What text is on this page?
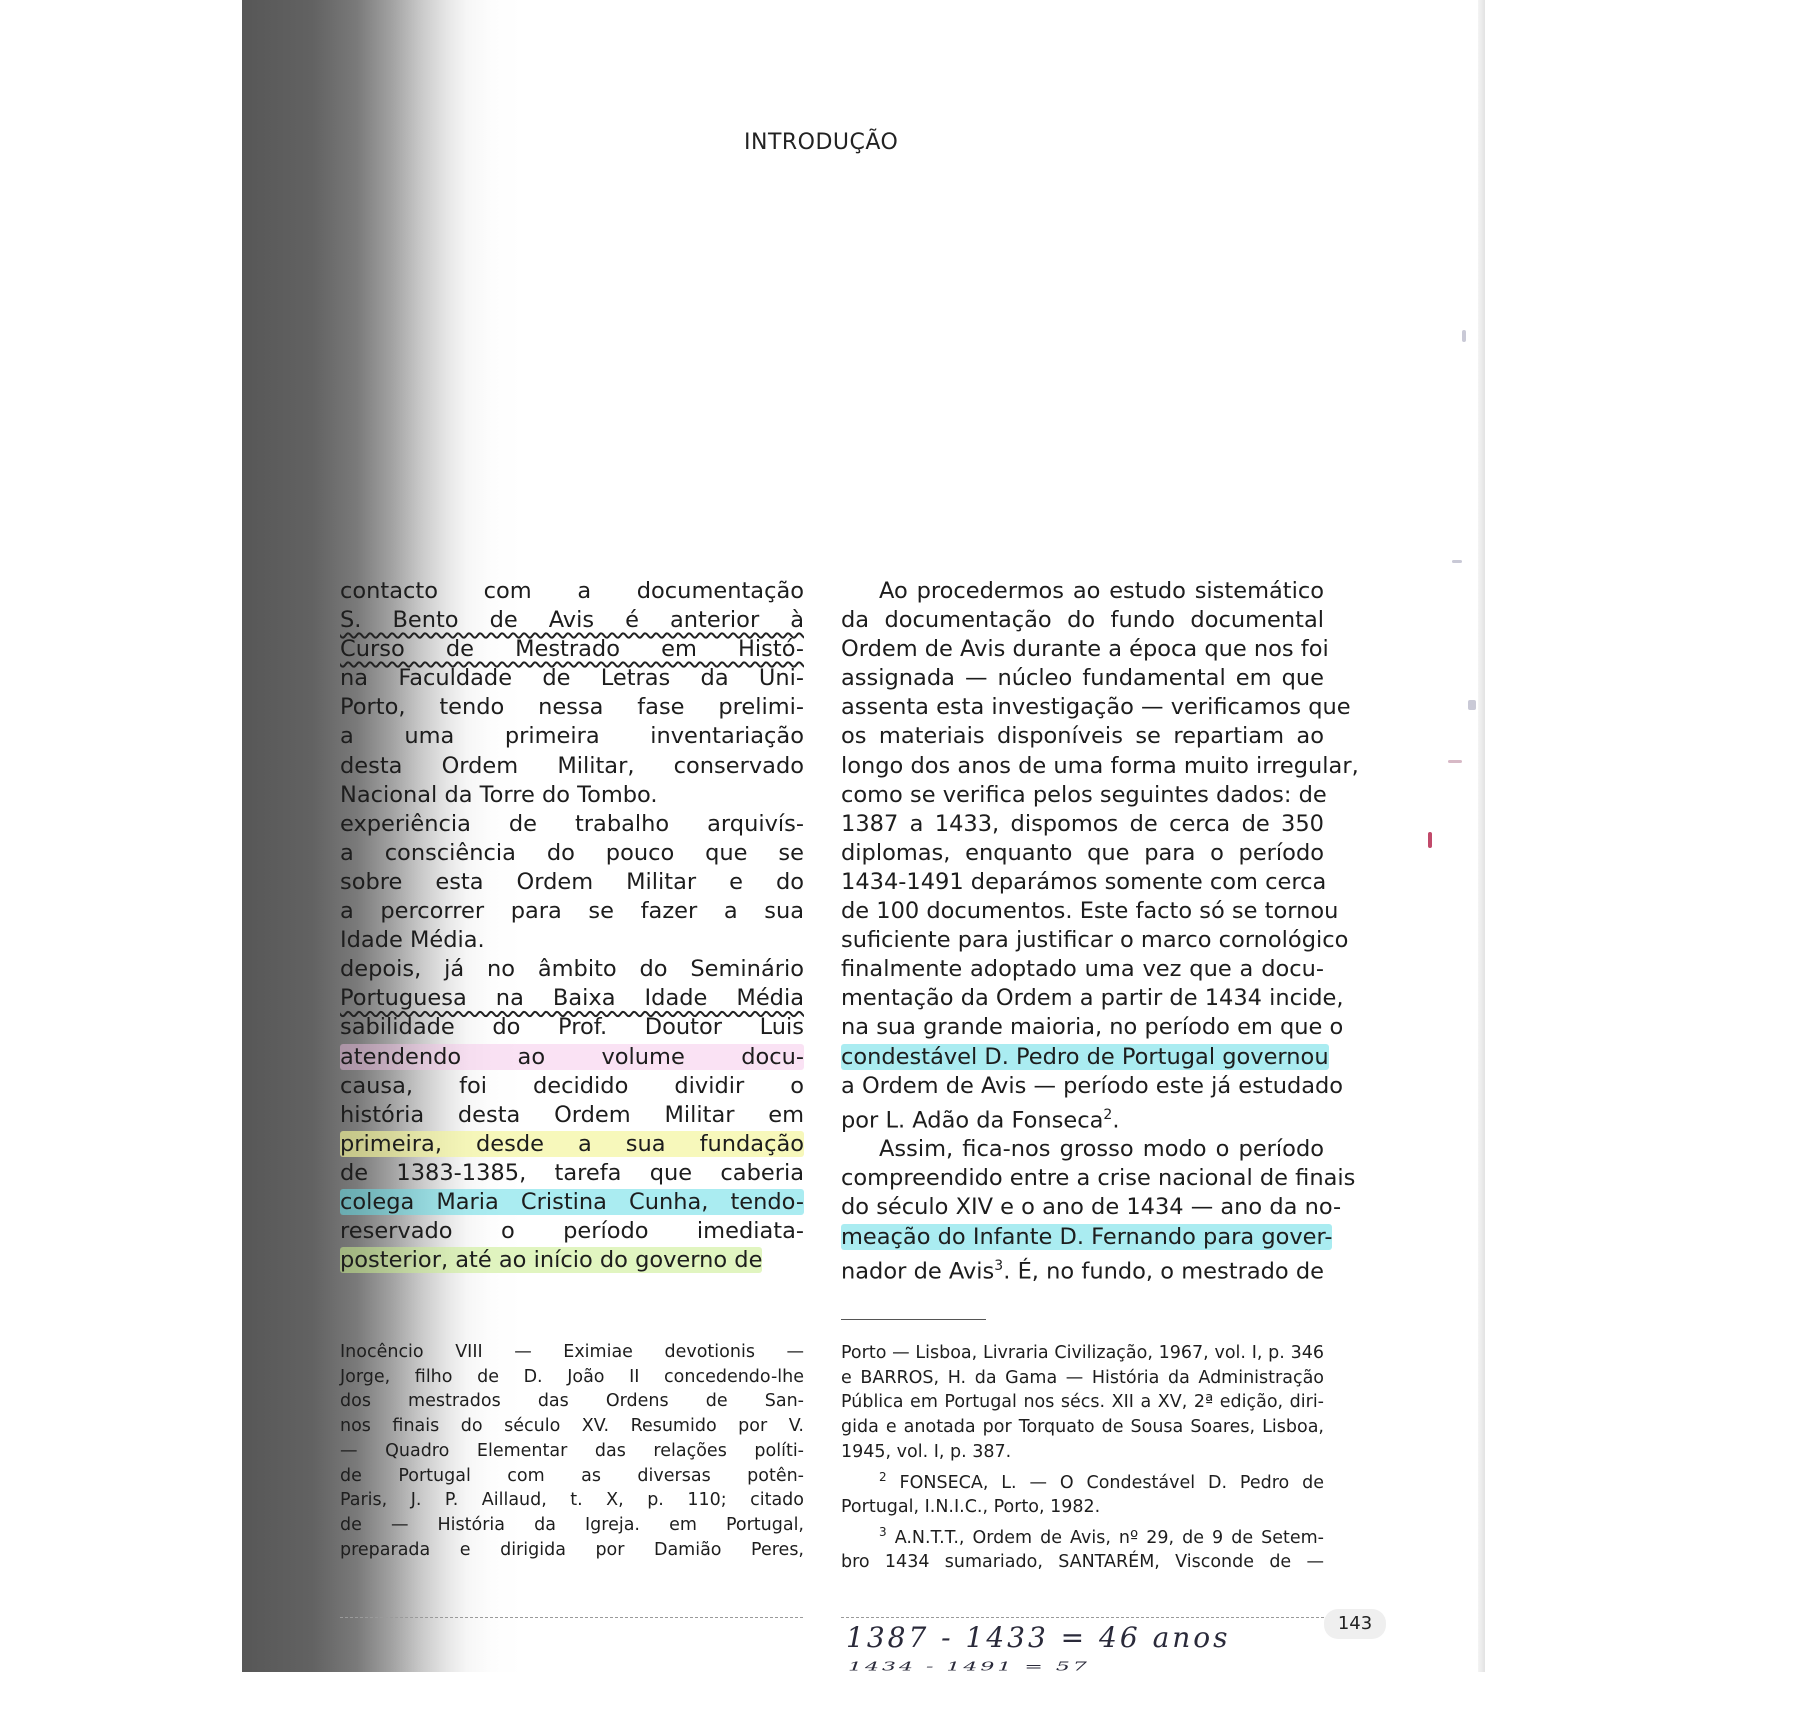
INTRODUÇÃO
contacto com a documentação
S. Bento de Avis é anterior à
Curso de Mestrado em Histó-
na Faculdade de Letras da Uni-
Porto, tendo nessa fase prelimi-
a uma primeira inventariação
desta Ordem Militar, conservado
Nacional da Torre do Tombo.
experiência de trabalho arquivís-
a consciência do pouco que se
sobre esta Ordem Militar e do
a percorrer para se fazer a sua
Idade Média.
depois, já no âmbito do Seminário
Portuguesa na Baixa Idade Média
sabilidade do Prof. Doutor Luis
atendendo ao volume docu-
causa, foi decidido dividir o
história desta Ordem Militar em
primeira, desde a sua fundação
de 1383-1385, tarefa que caberia
colega Maria Cristina Cunha, tendo-
reservado o período imediata-
posterior, até ao início do governo de
Ao procedermos ao estudo sistemático
da documentação do fundo documental
Ordem de Avis durante a época que nos foi
assignada — núcleo fundamental em que
assenta esta investigação — verificamos que
os materiais disponíveis se repartiam ao
longo dos anos de uma forma muito irregular,
como se verifica pelos seguintes dados: de
1387 a 1433, dispomos de cerca de 350
diplomas, enquanto que para o período
1434-1491 deparámos somente com cerca
de 100 documentos. Este facto só se tornou
suficiente para justificar o marco cornológico
finalmente adoptado uma vez que a docu-
mentação da Ordem a partir de 1434 incide,
na sua grande maioria, no período em que o
condestável D. Pedro de Portugal governou
a Ordem de Avis — período este já estudado
por L. Adão da Fonseca$^2$.
Assim, fica-nos grosso modo o período
compreendido entre a crise nacional de finais
do século XIV e o ano de 1434 — ano da no-
meação do Infante D. Fernando para gover-
nador de Avis$^3$. É, no fundo, o mestrado de
Inocêncio VIII — Eximiae devotionis —
Jorge, filho de D. João II concedendo-lhe
dos mestrados das Ordens de San-
nos finais do século XV. Resumido por V.
— Quadro Elementar das relações políti-
de Portugal com as diversas potên-
Paris, J. P. Aillaud, t. X, p. 110; citado
de — História da Igreja. em Portugal,
preparada e dirigida por Damião Peres,
Porto — Lisboa, Livraria Civilização, 1967, vol. I, p. 346
e BARROS, H. da Gama — História da Administração
Pública em Portugal nos sécs. XII a XV, 2ª edição, diri-
gida e anotada por Torquato de Sousa Soares, Lisboa,
1945, vol. I, p. 387.
$^2$ FONSECA, L. — O Condestável D. Pedro de
Portugal, I.N.I.C., Porto, 1982.
$^3$ A.N.T.T., Ordem de Avis, nº 29, de 9 de Setem-
bro 1434 sumariado, SANTARÉM, Visconde de —
143
1387 - 1433 = 46 anos
1434 - 1491 = 57
